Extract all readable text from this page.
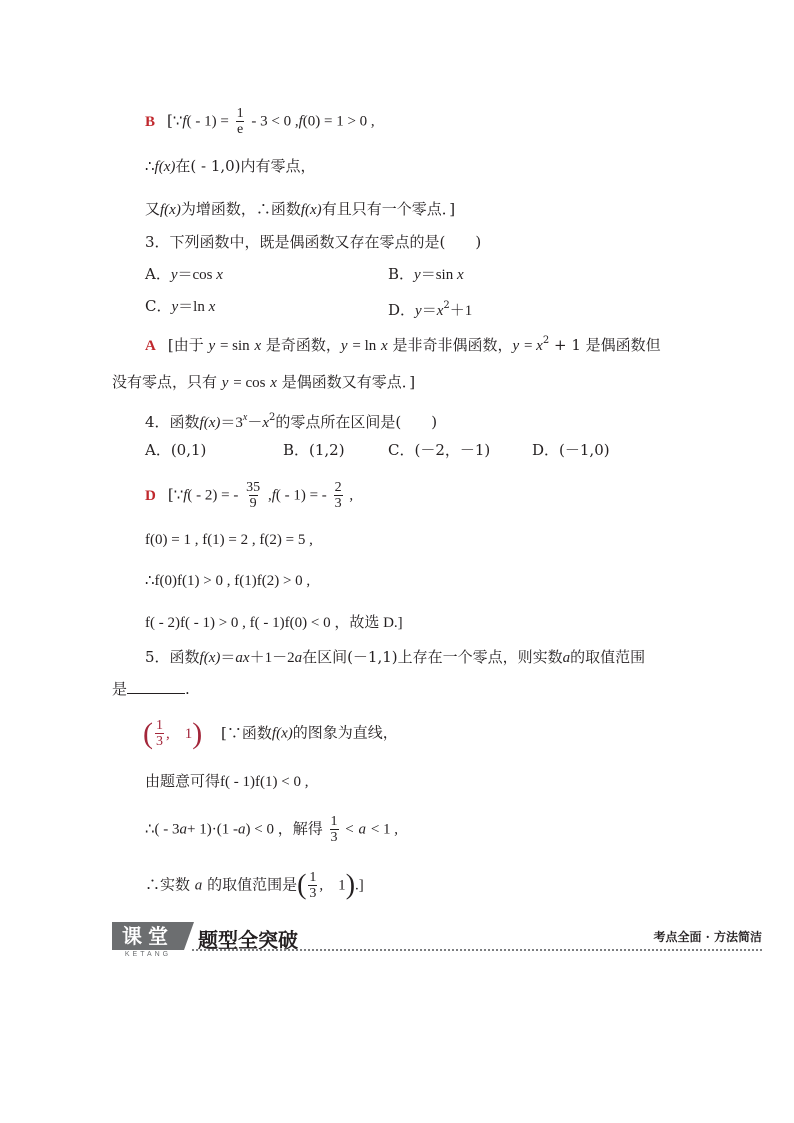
B [∵f( - $1) = \frac{1}{e} - 3 < 0$ ,f(0) = 1 > 0 ,
∴f(x)在( - 1,0)内有零点，
又f(x)为增函数，∴函数f(x)有且只有一个零点．]
3．下列函数中，既是偶函数又存在零点的是(　　)
A．y＝cos x	B．y＝sin x
C．y＝ln x	D．$y=x^2+1$
A [由于 y = sin x 是奇函数，y = ln x 是非奇非偶函数，$y = x^2 + 1$ 是偶函数但
没有零点，只有 y = cos x 是偶函数又有零点．]
4．函数$f(x)=3^x-x^2$的零点所在区间是(　　)
A．(0,1)	B．(1,2)	C．(－2，－1)	D．(－1,0)
D [∵f( - 2) = - $\frac{35}{9} ,f( - 1)$ = - $\frac{2}{3}$ ,
f(0) = 1 , f(1) = 2 , f(2) = 5 ,
∴f(0)f(1) > 0 , f(1)f(2) > 0 ,
f( - 2)f( - 1) > 0 , f( - 1)f(0) < 0 ，故选 D.]
5．函数f(x)＝ax＋1－2a在区间(－1,1)上存在一个零点，则实数a的取值范围
是	.
( $\frac{1}{3}$ ,　1) [∵函数f(x)的图象为直线，
由题意可得f( - 1)f(1) < 0 ,
∴( - 3a+ 1)·(1 -a) < 0 ，解得 $\frac{1}{3} < a < 1$ ,
∴实数 a 的取值范围是( $\frac{1}{3}$ ,　1).]
课堂
KETANG
题型全突破	考点全面 · 方法简洁
